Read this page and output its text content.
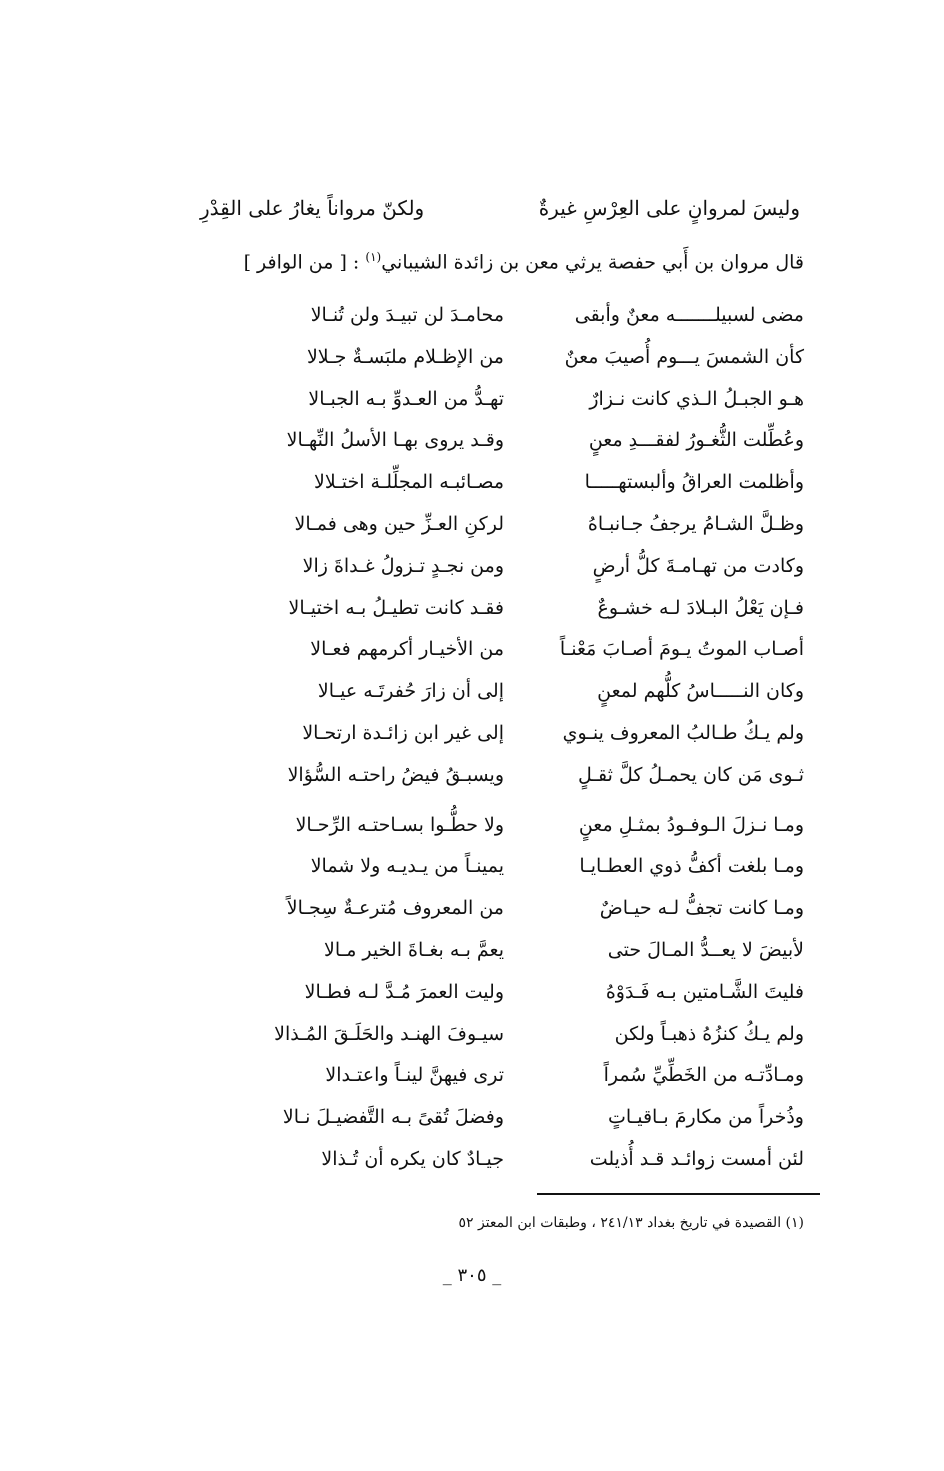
وليسَ لمروانٍ على العِرْسِ غيرةٌ
ولكنّ مرواناً يغارُ على القِدْرِ
قال مروان بن أَبي حفصة يرثي معن بن زائدة الشيباني$^{(١)}$ : [ من الوافر ]
مضى لسبيلـــــــه معنٌ وأبقى
محامـدَ لن تبيـدَ ولن تُنـالا
كأن الشمسَ يـــوم أُصيبَ معنٌ
من الإظـلام ملبَسـةٌ جـلالا
هـو الجبـلُ الـذي كانت نـزارٌ
تهـدُّ من العـدوِّ بـه الجبـالا
وعُطِّلت الثُّغـورُ لفقـــدِ معنٍ
وقـد يروى بهـا الأسلُ النِّهـالا
وأظلمت العراقُ وألبستهـــــا
مصـائبـه المجلِّلـة اختـلالا
وظـلَّ الشـامُ يرجفُ جـانبـاهُ
لركنِ العـزِّ حين وهى فمـالا
وكادت من تهـامـةَ كلُّ أرضٍ
ومن نجـدٍ تـزولُ غـداةَ زالا
فـإن يَعْلُ البـلادَ لـه خشـوعٌ
فقـد كانت تطيـلُ بـه اختيـالا
أصـاب الموتُ يـومَ أصـابَ مَعْنـاً
من الأخيـار أكرمهم فعـالا
وكان النـــــاسُ كلُّهم لمعنٍ
إلى أن زارَ حُفرتَـه عيـالا
ولم يـكُ طـالبُ المعروف ينـوي
إلى غير ابن زائـدة ارتحـالا
ثـوى مَن كان يحمـلُ كلَّ ثقـلٍ
ويسبـقُ فيضُ راحتـه السُّؤالا
ومـا نـزلَ الـوفـودُ بمثـلِ معنٍ
ولا حطُّـوا بسـاحتـه الرِّحـالا
ومـا بلغت أكفُّ ذوي العطـايـا
يمينـاً من يـديـه ولا شمالا
ومـا كانت تجفُّ لـه حيـاضٌ
من المعروف مُترعـةٌ سِجـالاً
لأبيضَ لا يعــدُّ المـالَ حتى
يعمَّ بـه بغـاةَ الخير مـالا
فليتَ الشَّـامتين بـه فَـدَوْهُ
وليت العمرَ مُـدَّ لـه فطـالا
ولم يـكُ كنزُهُ ذهبـاً ولكن
سيـوفَ الهنـد والحَلَـقَ المُـذالا
ومـادِّتـه من الخَطِّيِّ سُمراً
ترى فيهنَّ لينـاً واعتـدالا
وذُخراً من مكارمَ بـاقيـاتٍ
وفضلَ تُقىً بـه التَّفضيـلَ نـالا
لئن أمست زوائـد قـد أُذيلت
جيـادٌ كان يكره أن تُـذالا
(١) القصيدة في تاريخ بغداد ٢٤١/١٣ ، وطبقات ابن المعتز ٥٢
_ ٣٠٥ _
